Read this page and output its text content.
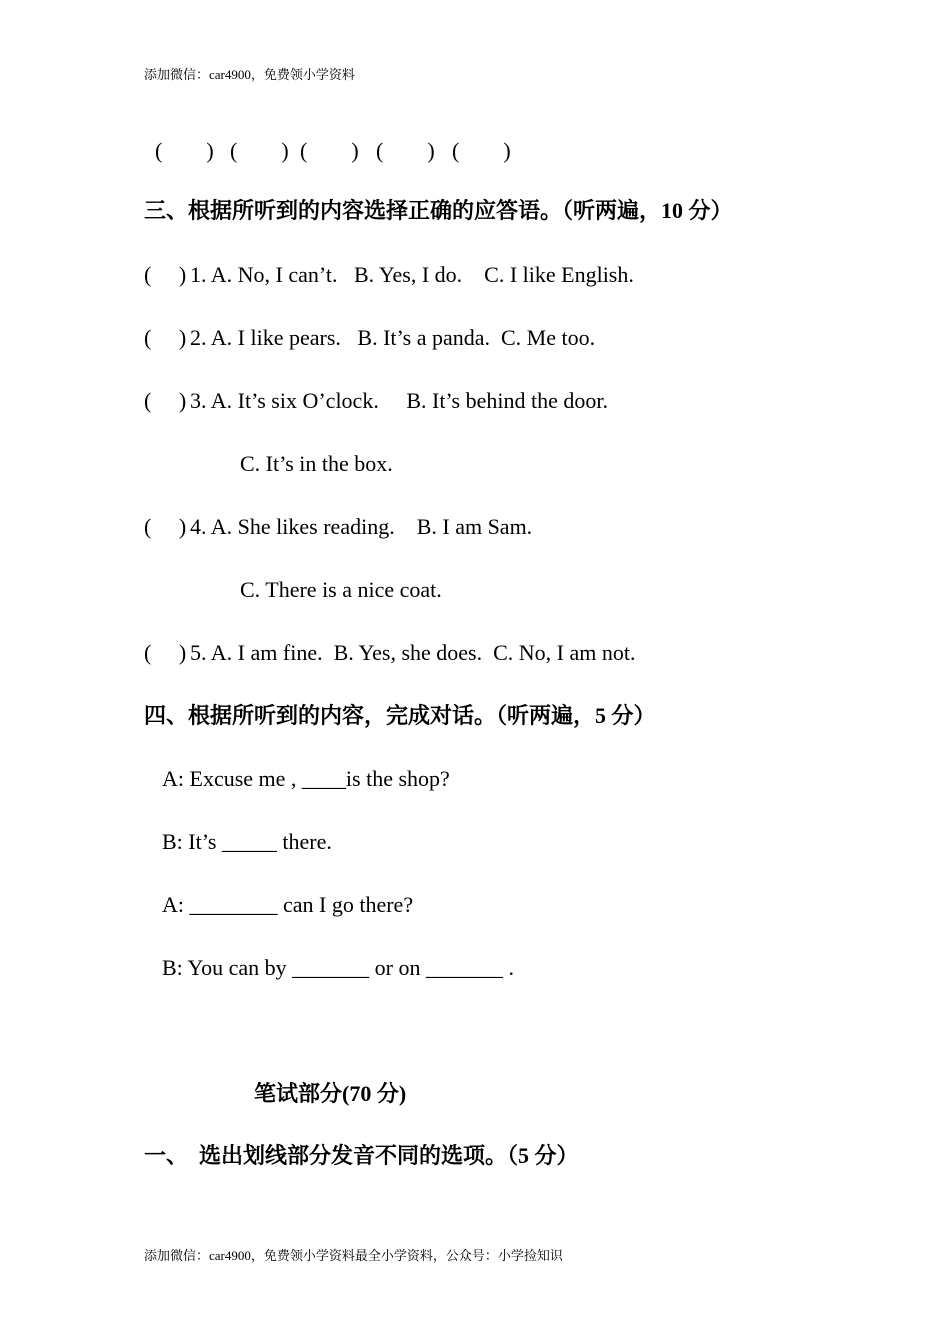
添加微信：car4900，免费领小学资料
(　　) (　　) (　　) (　　) (　　)
三、根据所听到的内容选择正确的应答语。（听两遍，10 分）
(　 ) 1. A. No, I can’t.   B. Yes, I do.    C. I like English.
(　 ) 2. A. I like pears.   B. It’s a panda.  C. Me too.
(　 ) 3. A. It’s six O’clock.     B. It’s behind the door.
C. It’s in the box.
(　 ) 4. A. She likes reading.    B. I am Sam.
C. There is a nice coat.
(　 ) 5. A. I am fine.  B. Yes, she does.  C. No, I am not.
四、根据所听到的内容，完成对话。（听两遍，5 分）
A: Excuse me , ____is the shop?
B: It’s _____ there.
A: ________ can I go there?
B: You can by _______ or on _______ .
笔试部分(70 分)
一、  选出划线部分发音不同的选项。（5 分）
添加微信：car4900，免费领小学资料最全小学资料，公众号：小学捡知识
